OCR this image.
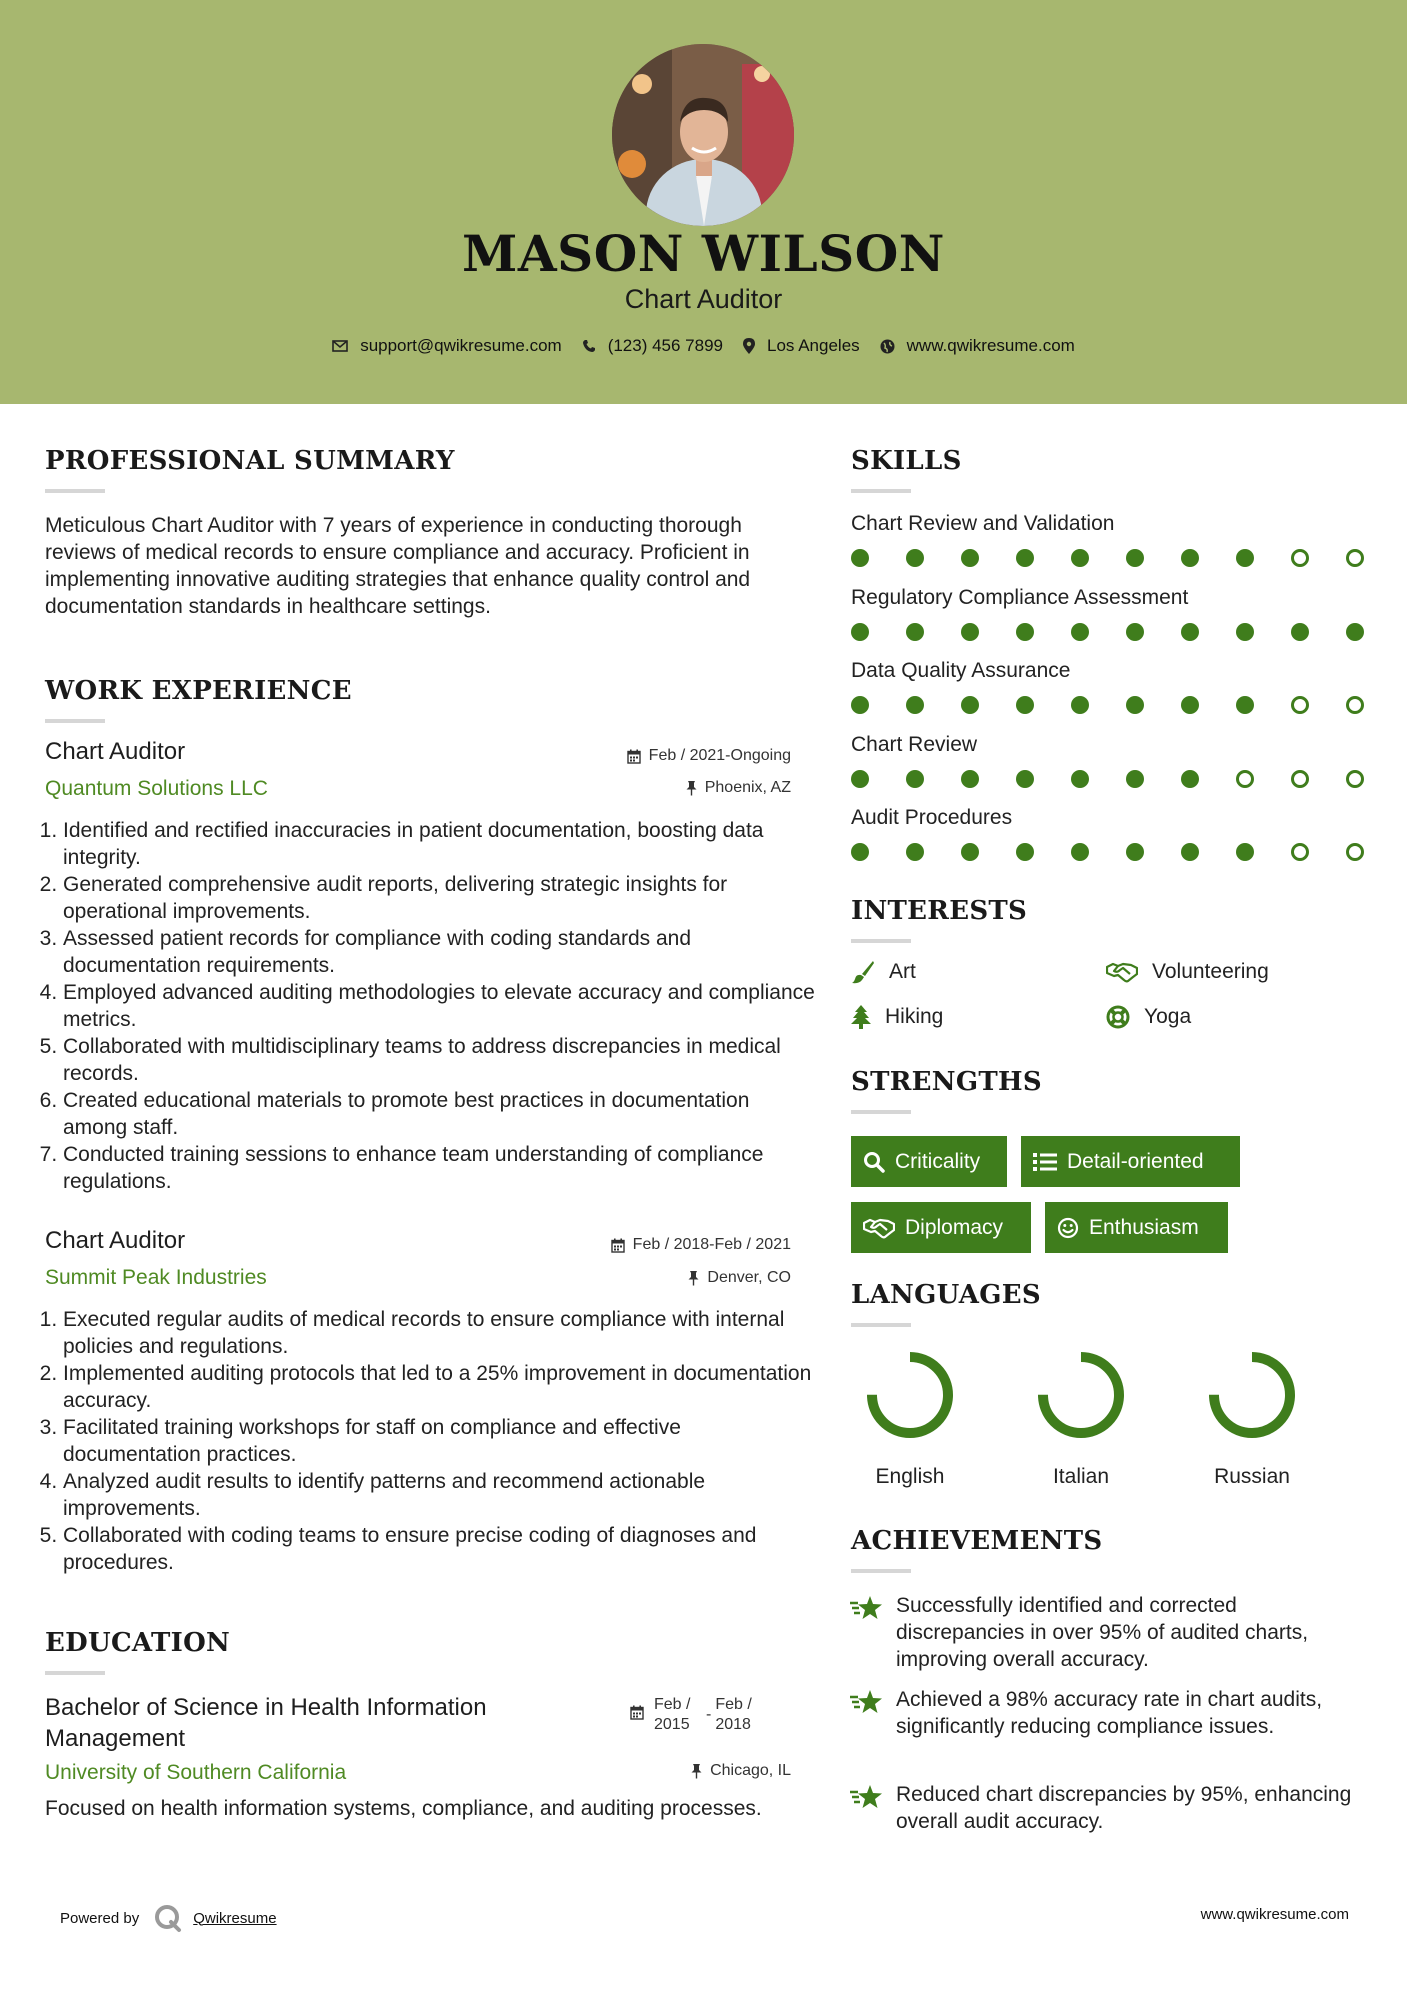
MASON WILSON
Chart Auditor
support@qwikresume.com	(123) 456 7899	Los Angeles	www.qwikresume.com
PROFESSIONAL SUMMARY
Meticulous Chart Auditor with 7 years of experience in conducting thorough reviews of medical records to ensure compliance and accuracy. Proficient in implementing innovative auditing strategies that enhance quality control and documentation standards in healthcare settings.
WORK EXPERIENCE
Chart Auditor	Feb / 2021-Ongoing
Quantum Solutions LLC	Phoenix, AZ
1. Identified and rectified inaccuracies in patient documentation, boosting data integrity.
2. Generated comprehensive audit reports, delivering strategic insights for operational improvements.
3. Assessed patient records for compliance with coding standards and documentation requirements.
4. Employed advanced auditing methodologies to elevate accuracy and compliance metrics.
5. Collaborated with multidisciplinary teams to address discrepancies in medical records.
6. Created educational materials to promote best practices in documentation among staff.
7. Conducted training sessions to enhance team understanding of compliance regulations.
Chart Auditor	Feb / 2018-Feb / 2021
Summit Peak Industries	Denver, CO
1. Executed regular audits of medical records to ensure compliance with internal policies and regulations.
2. Implemented auditing protocols that led to a 25% improvement in documentation accuracy.
3. Facilitated training workshops for staff on compliance and effective documentation practices.
4. Analyzed audit results to identify patterns and recommend actionable improvements.
5. Collaborated with coding teams to ensure precise coding of diagnoses and procedures.
EDUCATION
Bachelor of Science in Health Information Management
Feb / 2015
-
Feb / 2018
University of Southern California	Chicago, IL
Focused on health information systems, compliance, and auditing processes.
SKILLS
Chart Review and Validation
Regulatory Compliance Assessment
Data Quality Assurance
Chart Review
Audit Procedures
INTERESTS
Art	Volunteering
Hiking	Yoga
STRENGTHS
Criticality	Detail-oriented
Diplomacy	Enthusiasm
LANGUAGES
English	Italian	Russian
ACHIEVEMENTS
Successfully identified and corrected discrepancies in over 95% of audited charts, improving overall accuracy.
Achieved a 98% accuracy rate in chart audits, significantly reducing compliance issues.
Reduced chart discrepancies by 95%, enhancing overall audit accuracy.
Powered by	Qwikresume	www.qwikresume.com
